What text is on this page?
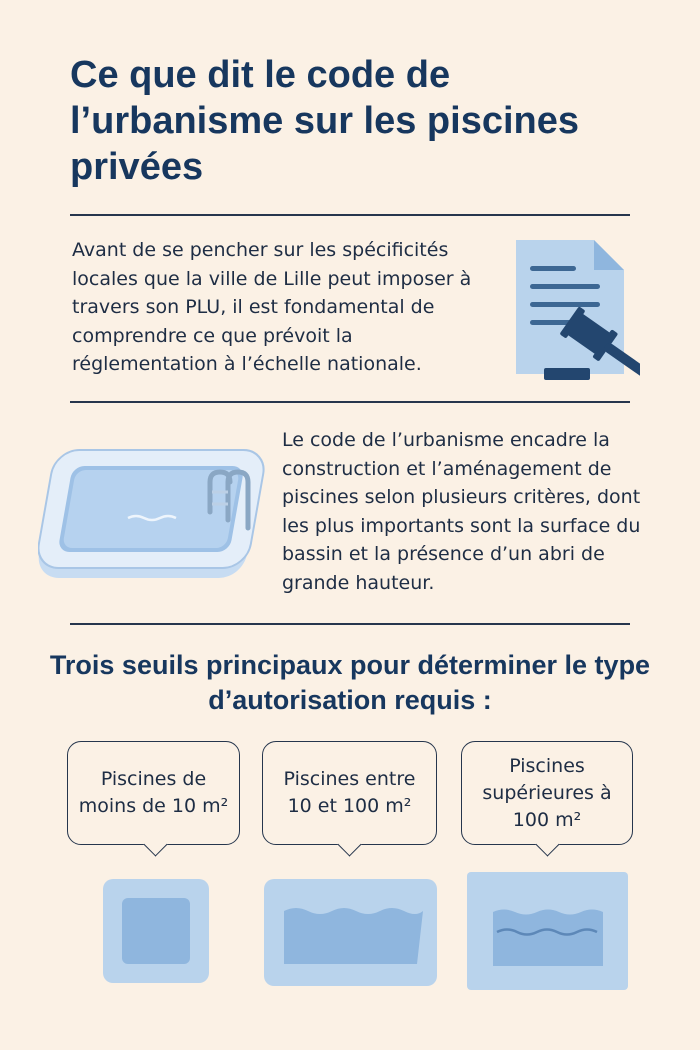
Ce que dit le code de l’urbanisme sur les piscines privées

Avant de se pencher sur les spécificités locales que la ville de Lille peut imposer à travers son PLU, il est fondamental de comprendre ce que prévoit la réglementation à l’échelle nationale.

Le code de l’urbanisme encadre la construction et l’aménagement de piscines selon plusieurs critères, dont les plus importants sont la surface du bassin et la présence d’un abri de grande hauteur.

Trois seuils principaux pour déterminer le type d’autorisation requis :
Piscines de moins de 10 m²
Piscines entre 10 et 100 m²
Piscines supérieures à 100 m²
